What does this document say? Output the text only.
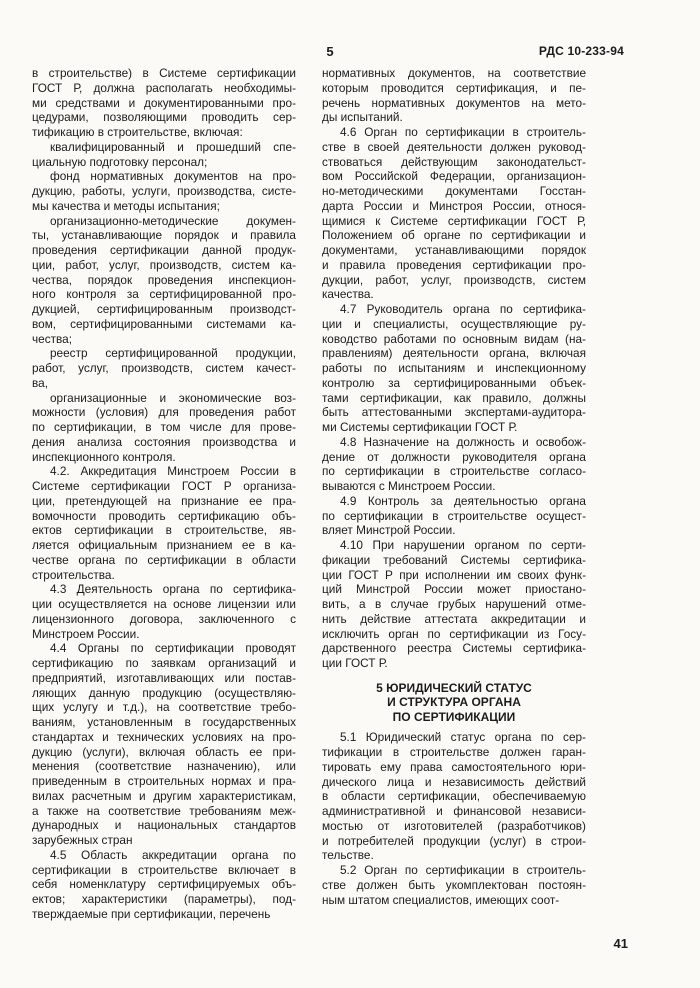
5	РДС 10-233-94

в строительстве) в Системе сертификации
ГОСТ Р, должна располагать необходимы-
ми средствами и документированными про-
цедурами, позволяющими проводить сер-
тификацию в строительстве, включая:

квалифицированный и прошедший спе-
циальную подготовку персонал;

фонд нормативных документов на про-
дукцию, работы, услуги, производства, систе-
мы качества и методы испытания;

организационно-методические докумен-
ты, устанавливающие порядок и правила
проведения сертификации данной продук-
ции, работ, услуг, производств, систем ка-
чества, порядок проведения инспекцион-
ного контроля за сертифицированной про-
дукцией, сертифицированным производст-
вом, сертифицированными системами ка-
чества;

реестр сертифицированной продукции,
работ, услуг, производств, систем качест-
ва,

организационные и экономические воз-
можности (условия) для проведения работ
по сертификации, в том числе для прове-
дения анализа состояния производства и
инспекционного контроля.

4.2. Аккредитация Минстроем России в
Системе сертификации ГОСТ Р организа-
ции, претендующей на признание ее пра-
вомочности проводить сертификацию объ-
ектов сертификации в строительстве, яв-
ляется официальным признанием ее в ка-
честве органа по сертификации в области
строительства.

4.3 Деятельность органа по сертифика-
ции осуществляется на основе лицензии или
лицензионного договора, заключенного с
Минстроем России.

4.4 Органы по сертификации проводят
сертификацию по заявкам организаций и
предприятий, изготавливающих или постав-
ляющих данную продукцию (осуществляю-
щих услугу и т.д.), на соответствие требо-
ваниям, установленным в государственных
стандартах и технических условиях на про-
дукцию (услуги), включая область ее при-
менения (соответствие назначению), или
приведенным в строительных нормах и пра-
вилах расчетным и другим характеристикам,
а также на соответствие требованиям меж-
дународных и национальных стандартов
зарубежных стран

4.5 Область аккредитации органа по
сертификации в строительстве включает в
себя номенклатуру сертифицируемых объ-
ектов; характеристики (параметры), под-
тверждаемые при сертификации, перечень

нормативных документов, на соответствие
которым проводится сертификация, и пе-
речень нормативных документов на мето-
ды испытаний.

4.6 Орган по сертификации в строитель-
стве в своей деятельности должен руковод-
ствоваться действующим законодательст-
вом Российской Федерации, организацион-
но-методическими документами Госстан-
дарта России и Минстроя России, относя-
щимися к Системе сертификации ГОСТ Р,
Положением об органе по сертификации и
документами, устанавливающими порядок
и правила проведения сертификации про-
дукции, работ, услуг, производств, систем
качества.

4.7 Руководитель органа по сертифика-
ции и специалисты, осуществляющие ру-
ководство работами по основным видам (на-
правлениям) деятельности органа, включая
работы по испытаниям и инспекционному
контролю за сертифицированными объек-
тами сертификации, как правило, должны
быть аттестованными экспертами-аудитора-
ми Системы сертификации ГОСТ Р.

4.8 Назначение на должность и освобож-
дение от должности руководителя органа
по сертификации в строительстве согласо-
вываются с Минстроем России.

4.9 Контроль за деятельностью органа
по сертификации в строительстве осущест-
вляет Минстрой России.

4.10 При нарушении органом по серти-
фикации требований Системы сертифика-
ции ГОСТ Р при исполнении им своих функ-
ций Минстрой России может приостано-
вить, а в случае грубых нарушений отме-
нить действие аттестата аккредитации и
исключить орган по сертификации из Госу-
дарственного реестра Системы сертифика-
ции ГОСТ Р.

5 ЮРИДИЧЕСКИЙ СТАТУС
И СТРУКТУРА ОРГАНА
ПО СЕРТИФИКАЦИИ

5.1 Юридический статус органа по сер-
тификации в строительстве должен гаран-
тировать ему права самостоятельного юри-
дического лица и независимость действий
в области сертификации, обеспечиваемую
административной и финансовой независи-
мостью от изготовителей (разработчиков)
и потребителей продукции (услуг) в строи-
тельстве.

5.2 Орган по сертификации в строитель-
стве должен быть укомплектован постоян-
ным штатом специалистов, имеющих соот-

41
